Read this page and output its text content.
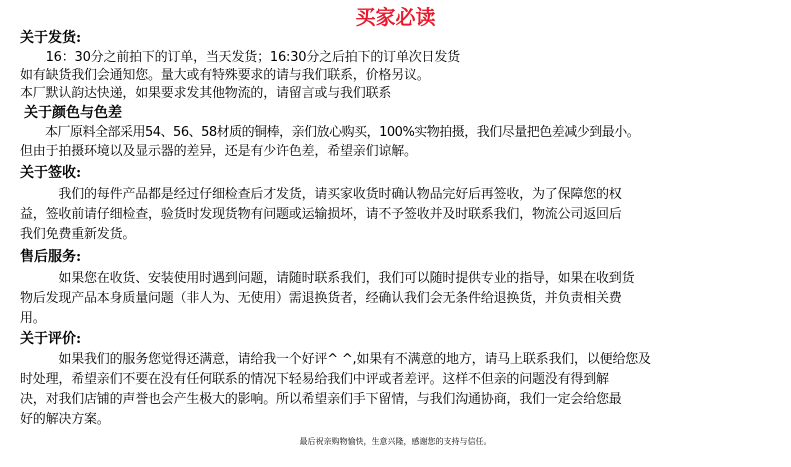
买家必读
关于发货:
　　16：30分之前拍下的订单，当天发货；16:30分之后拍下的订单次日发货
如有缺货我们会通知您。量大或有特殊要求的请与我们联系，价格另议。
本厂默认韵达快递，如果要求发其他物流的，请留言或与我们联系
关于颜色与色差
　　本厂原料全部采用54、56、58材质的铜棒，亲们放心购买，100%实物拍摄，我们尽量把色差减少到最小。
但由于拍摄环境以及显示器的差异，还是有少许色差，希望亲们谅解。
关于签收:
　　　我们的每件产品都是经过仔细检查后才发货，请买家收货时确认物品完好后再签收，为了保障您的权
益，签收前请仔细检查，验货时发现货物有问题或运输损坏，请不予签收并及时联系我们，物流公司返回后
我们免费重新发货。
售后服务:
　　　如果您在收货、安装使用时遇到问题，请随时联系我们，我们可以随时提供专业的指导，如果在收到货
物后发现产品本身质量问题（非人为、无使用）需退换货者，经确认我们会无条件给退换货，并负责相关费
用。
关于评价:
　　　如果我们的服务您觉得还满意，请给我一个好评^ ^,如果有不满意的地方，请马上联系我们，以便给您及
时处理，希望亲们不要在没有任何联系的情况下轻易给我们中评或者差评。这样不但亲的问题没有得到解
决，对我们店铺的声誉也会产生极大的影响。所以希望亲们手下留情，与我们沟通协商，我们一定会给您最
好的解决方案。
最后祝亲购物愉快，生意兴隆，感谢您的支持与信任。
